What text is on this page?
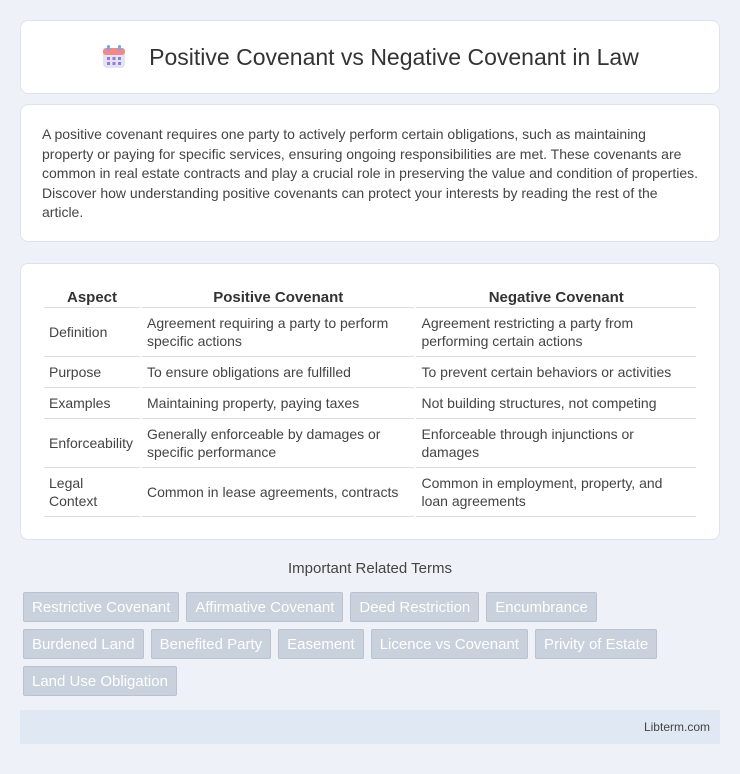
Positive Covenant vs Negative Covenant in Law

A positive covenant requires one party to actively perform certain obligations, such as maintaining property or paying for specific services, ensuring ongoing responsibilities are met. These covenants are common in real estate contracts and play a crucial role in preserving the value and condition of properties. Discover how understanding positive covenants can protect your interests by reading the rest of the article.

Aspect	Positive Covenant	Negative Covenant
Definition	Agreement requiring a party to perform specific actions	Agreement restricting a party from performing certain actions
Purpose	To ensure obligations are fulfilled	To prevent certain behaviors or activities
Examples	Maintaining property, paying taxes	Not building structures, not competing
Enforceability	Generally enforceable by damages or specific performance	Enforceable through injunctions or damages
Legal Context	Common in lease agreements, contracts	Common in employment, property, and loan agreements
Important Related Terms
Restrictive Covenant	Affirmative Covenant	Deed Restriction	Encumbrance
Burdened Land	Benefited Party	Easement	Licence vs Covenant	Privity of Estate
Land Use Obligation
Libterm.com
